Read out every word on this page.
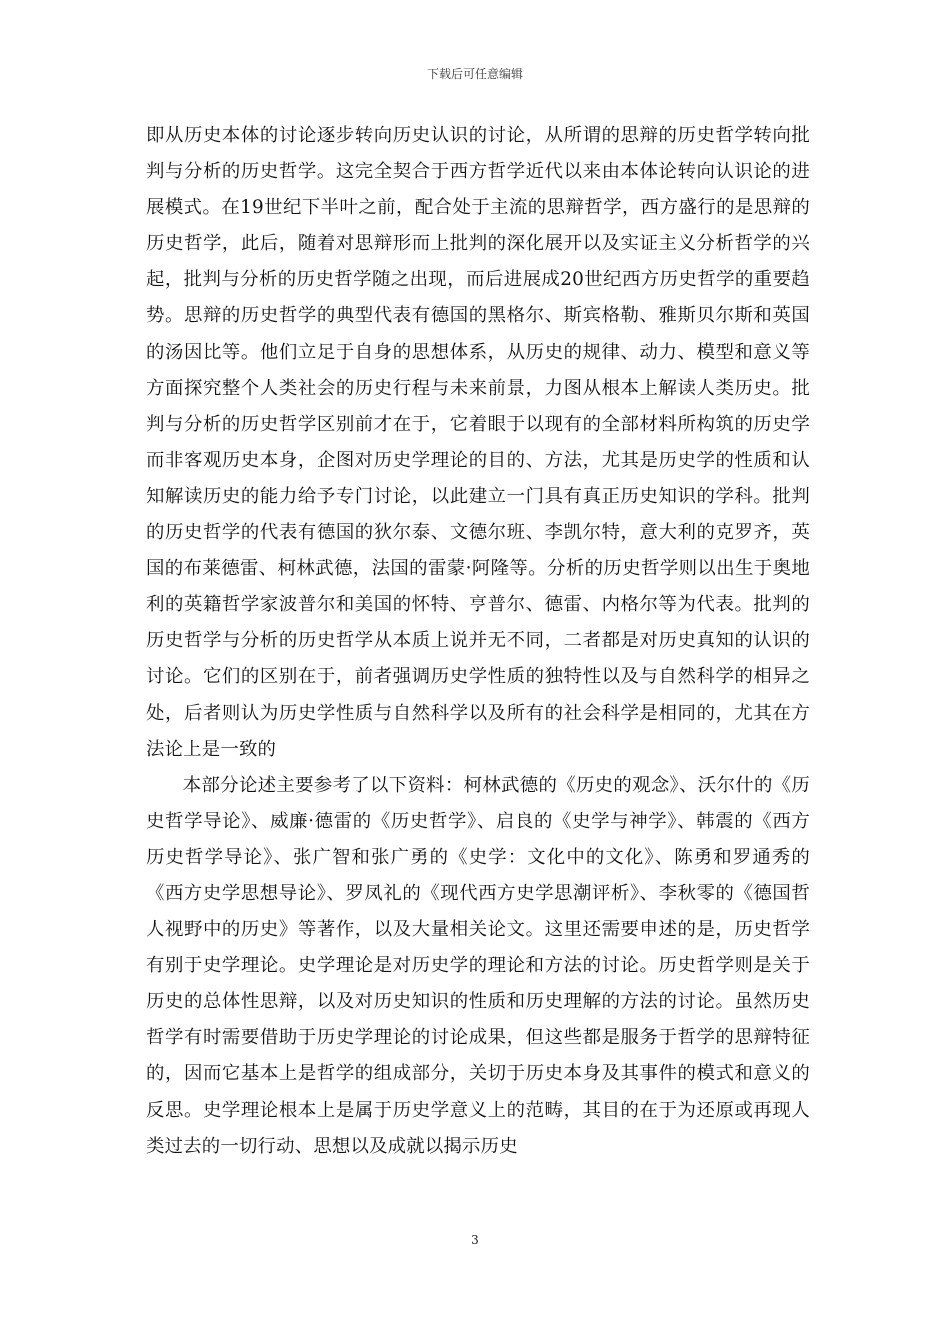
下载后可任意编辑

即从历史本体的讨论逐步转向历史认识的讨论，从所谓的思辩的历史哲学转向批判与分析的历史哲学。这完全契合于西方哲学近代以来由本体论转向认识论的进展模式。在19世纪下半叶之前，配合处于主流的思辩哲学，西方盛行的是思辩的历史哲学，此后，随着对思辩形而上批判的深化展开以及实证主义分析哲学的兴起，批判与分析的历史哲学随之出现，而后进展成20世纪西方历史哲学的重要趋势。思辩的历史哲学的典型代表有德国的黑格尔、斯宾格勒、雅斯贝尔斯和英国的汤因比等。他们立足于自身的思想体系，从历史的规律、动力、模型和意义等方面探究整个人类社会的历史行程与未来前景，力图从根本上解读人类历史。批判与分析的历史哲学区别前才在于，它着眼于以现有的全部材料所构筑的历史学而非客观历史本身，企图对历史学理论的目的、方法，尤其是历史学的性质和认知解读历史的能力给予专门讨论，以此建立一门具有真正历史知识的学科。批判的历史哲学的代表有德国的狄尔泰、文德尔班、李凯尔特，意大利的克罗齐，英国的布莱德雷、柯林武德，法国的雷蒙·阿隆等。分析的历史哲学则以出生于奥地利的英籍哲学家波普尔和美国的怀特、亨普尔、德雷、内格尔等为代表。批判的历史哲学与分析的历史哲学从本质上说并无不同，二者都是对历史真知的认识的讨论。它们的区别在于，前者强调历史学性质的独特性以及与自然科学的相异之处，后者则认为历史学性质与自然科学以及所有的社会科学是相同的，尤其在方法论上是一致的

本部分论述主要参考了以下资料：柯林武德的《历史的观念》、沃尔什的《历史哲学导论》、威廉·德雷的《历史哲学》、启良的《史学与神学》、韩震的《西方历史哲学导论》、张广智和张广勇的《史学：文化中的文化》、陈勇和罗通秀的《西方史学思想导论》、罗凤礼的《现代西方史学思潮评析》、李秋零的《德国哲人视野中的历史》等著作，以及大量相关论文。这里还需要申述的是，历史哲学有别于史学理论。史学理论是对历史学的理论和方法的讨论。历史哲学则是关于历史的总体性思辩，以及对历史知识的性质和历史理解的方法的讨论。虽然历史哲学有时需要借助于历史学理论的讨论成果，但这些都是服务于哲学的思辩特征的，因而它基本上是哲学的组成部分，关切于历史本身及其事件的模式和意义的反思。史学理论根本上是属于历史学意义上的范畴，其目的在于为还原或再现人类过去的一切行动、思想以及成就以揭示历史

3
